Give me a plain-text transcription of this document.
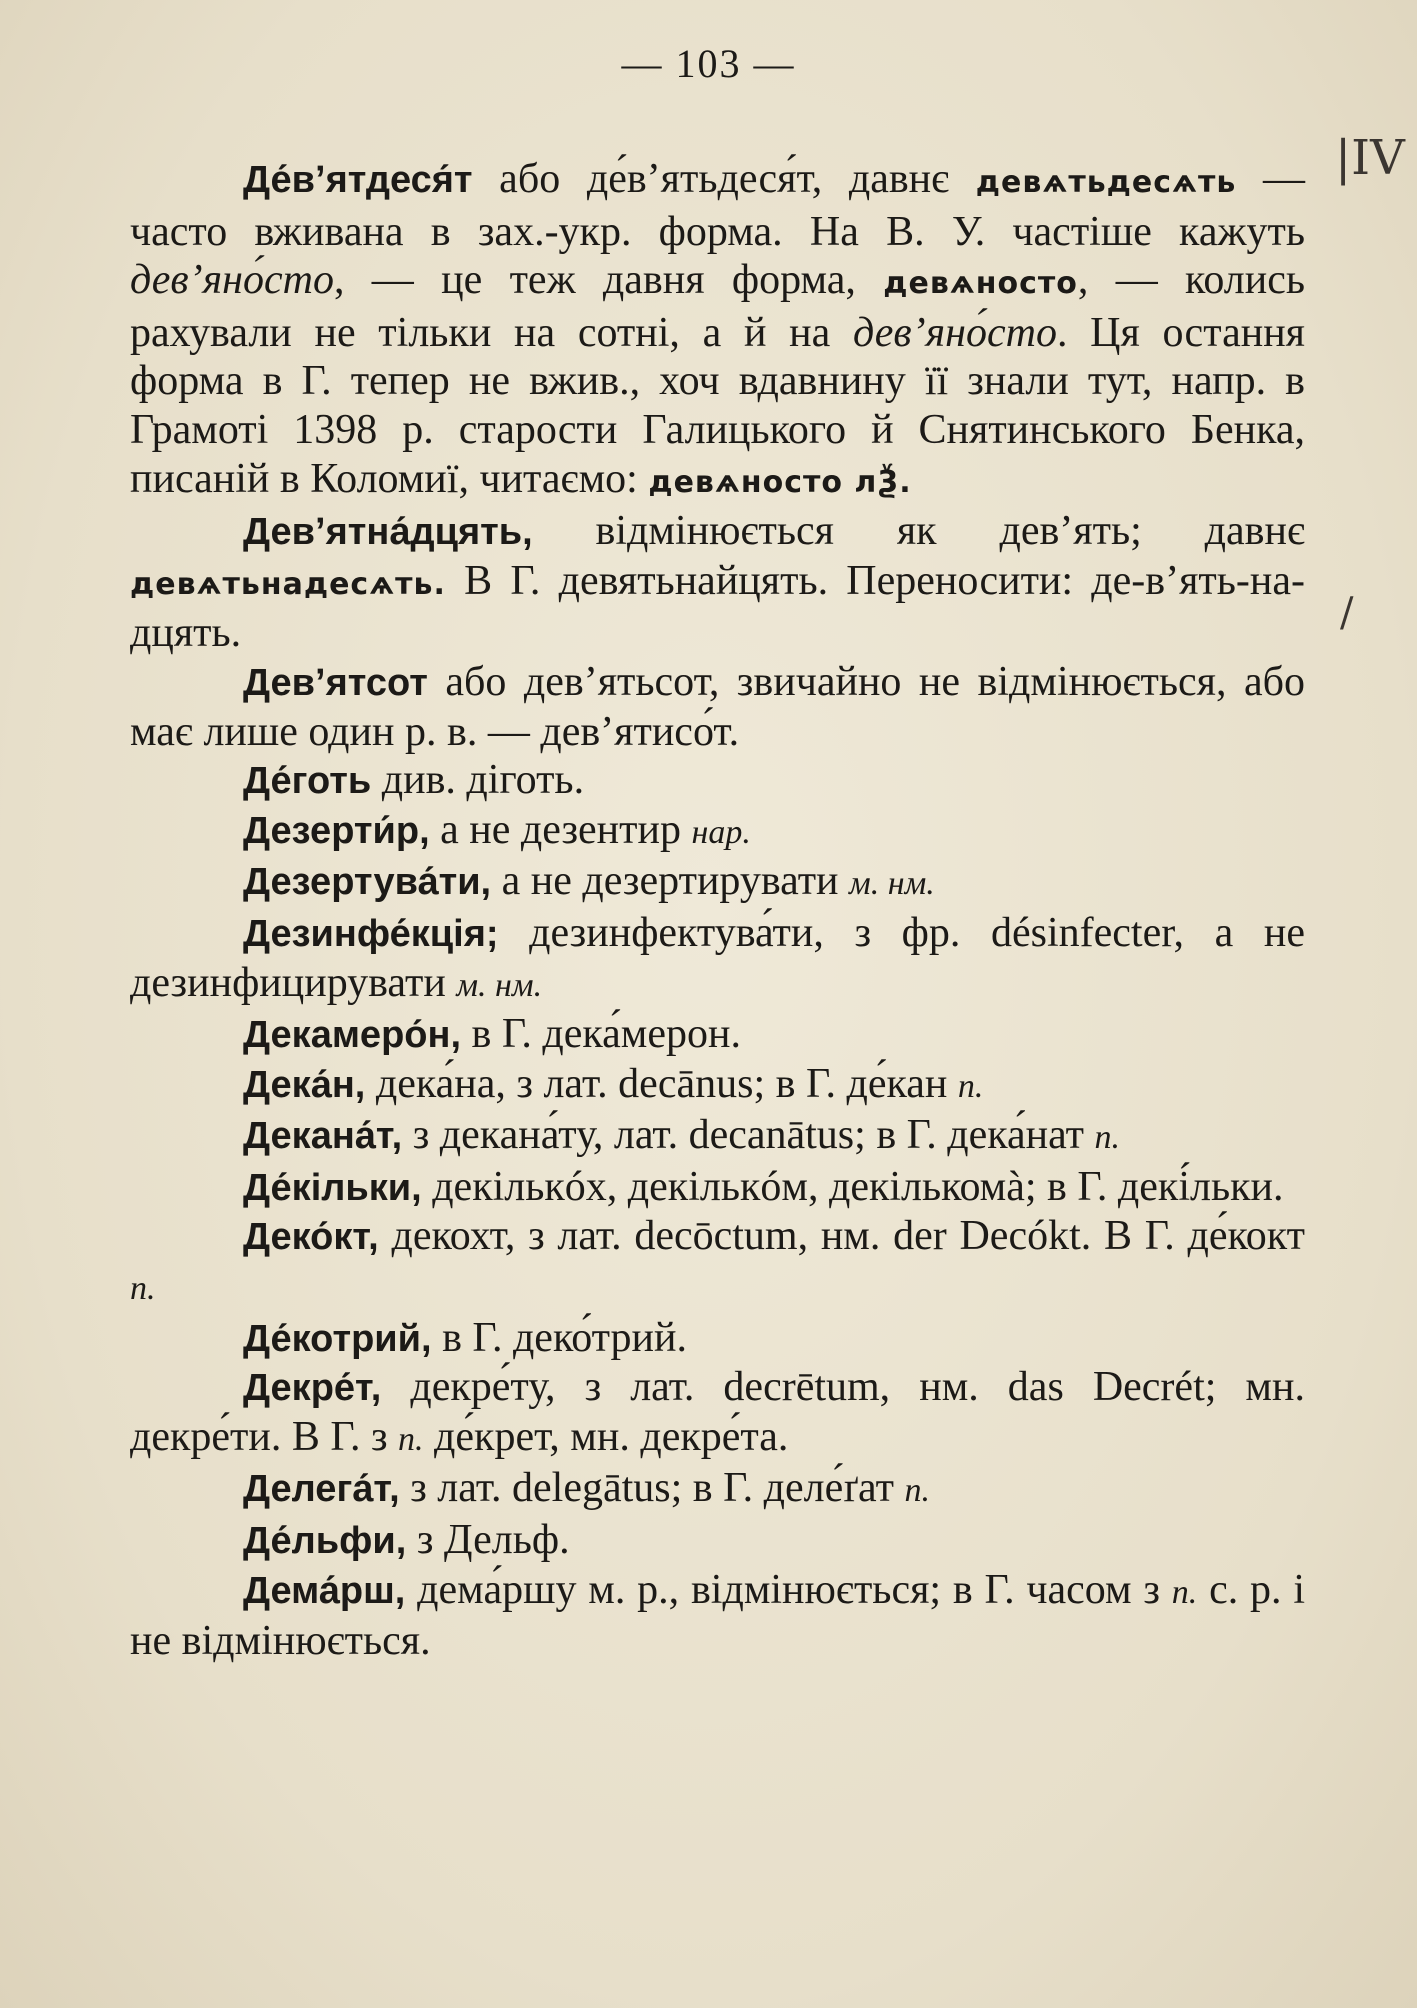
— 103 —
|IV
/

Де́в’ятдеся́т або де́в’ятьдеся́т, давнє девѧтьдесѧть — часто вживана в зах.-укр. форма. На В. У. частіше кажуть дев’яно́сто, — це теж давня форма, девѧносто, — колись рахували не тільки на сотні, а й на дев’яно́сто. Ця остання форма в Г. тепер не вжив., хоч вдавнину її знали тут, напр. в Грамоті 1398 р. старости Галицького й Снятинського Бенка, писаній в Коломиї, читаємо: девѧносто лѮ.

Дев’ятна́дцять, відмінюється як дев’ять; давнє девѧтьнадесѧть. В Г. девятьнайцять. Переносити: де-в’ять-на-дцять.

Дев’ятсот або дев’ятьсот, звичайно не відмінюється, або має лише один р. в. — дев’ятисо́т.

Де́готь див. діготь.

Дезерти́р, а не дезентир нар.

Дезертува́ти, а не дезертирувати м. нм.

Дезинфе́кція; дезинфектува́ти, з фр. désinfecter, а не дезинфицирувати м. нм.

Декамеро́н, в Г. дека́мерон.

Дека́н, дека́на, з лат. decānus; в Г. де́кан п.

Декана́т, з декана́ту, лат. decanātus; в Г. дека́нат п.

Де́кільки, декількóх, декількóм, декількомà; в Г. декі́льки.

Деко́кт, декохт, з лат. decōctum, нм. der Decókt. В Г. де́кокт п.

Де́котрий, в Г. деко́трий.

Декре́т, декре́ту, з лат. decrētum, нм. das Decrét; мн. декре́ти. В Г. з п. де́крет, мн. декре́та.

Делега́т, з лат. delegātus; в Г. деле́ґат п.

Де́льфи, з Дельф.

Дема́рш, дема́ршу м. р., відмінюється; в Г. часом з п. с. р. і не відмінюється.
